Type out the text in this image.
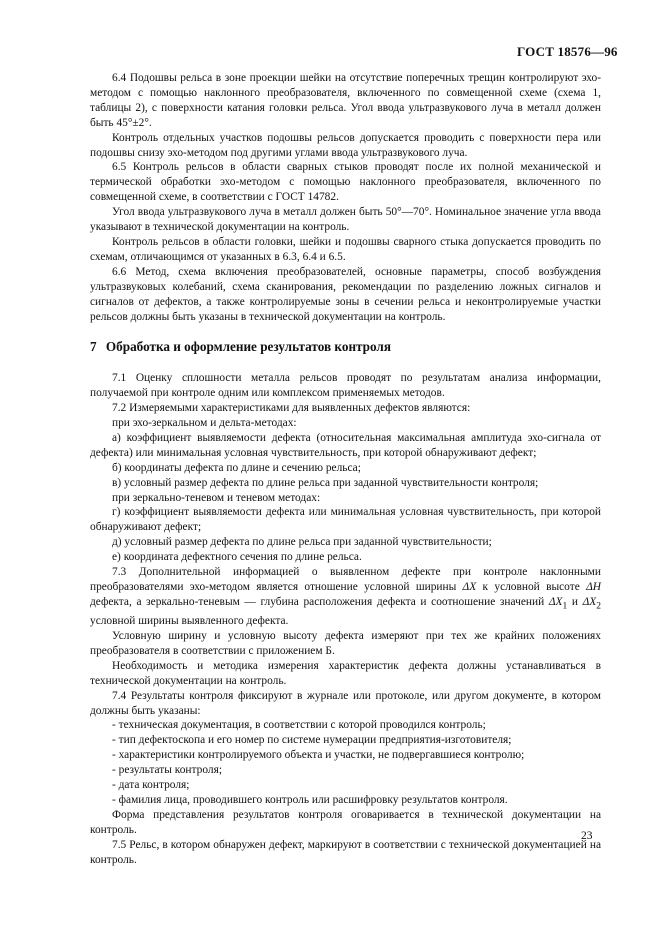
ГОСТ 18576—96

6.4 Подошвы рельса в зоне проекции шейки на отсутствие поперечных трещин контролируют эхо-методом с помощью наклонного преобразователя, включенного по совмещенной схеме (схема 1, таблицы 2), с поверхности катания головки рельса. Угол ввода ультразвукового луча в металл должен быть 45°±2°.

Контроль отдельных участков подошвы рельсов допускается проводить с поверхности пера или подошвы снизу эхо-методом под другими углами ввода ультразвукового луча.

6.5 Контроль рельсов в области сварных стыков проводят после их полной механической и термической обработки эхо-методом с помощью наклонного преобразователя, включенного по совмещенной схеме, в соответствии с ГОСТ 14782.

Угол ввода ультразвукового луча в металл должен быть 50°—70°. Номинальное значение угла ввода указывают в технической документации на контроль.

Контроль рельсов в области головки, шейки и подошвы сварного стыка допускается проводить по схемам, отличающимся от указанных в 6.3, 6.4 и 6.5.

6.6 Метод, схема включения преобразователей, основные параметры, способ возбуждения ультразвуковых колебаний, схема сканирования, рекомендации по разделению ложных сигналов и сигналов от дефектов, а также контролируемые зоны в сечении рельса и неконтролируемые участки рельсов должны быть указаны в технической документации на контроль.

7 Обработка и оформление результатов контроля

7.1 Оценку сплошности металла рельсов проводят по результатам анализа информации, получаемой при контроле одним или комплексом применяемых методов.

7.2 Измеряемыми характеристиками для выявленных дефектов являются:

при эхо-зеркальном и дельта-методах:

а) коэффициент выявляемости дефекта (относительная максимальная амплитуда эхо-сигнала от дефекта) или минимальная условная чувствительность, при которой обнаруживают дефект;

б) координаты дефекта по длине и сечению рельса;

в) условный размер дефекта по длине рельса при заданной чувствительности контроля;

при зеркально-теневом и теневом методах:

г) коэффициент выявляемости дефекта или минимальная условная чувствительность, при которой обнаруживают дефект;

д) условный размер дефекта по длине рельса при заданной чувствительности;

е) координата дефектного сечения по длине рельса.

7.3 Дополнительной информацией о выявленном дефекте при контроле наклонными преобразователями эхо-методом является отношение условной ширины ΔX к условной высоте ΔH дефекта, а зеркально-теневым — глубина расположения дефекта и соотношение значений $\Delta X_1$ и $\Delta X_2$ условной ширины выявленного дефекта.

Условную ширину и условную высоту дефекта измеряют при тех же крайних положениях преобразователя в соответствии с приложением Б.

Необходимость и методика измерения характеристик дефекта должны устанавливаться в технической документации на контроль.

7.4 Результаты контроля фиксируют в журнале или протоколе, или другом документе, в котором должны быть указаны:

- техническая документация, в соответствии с которой проводился контроль;

- тип дефектоскопа и его номер по системе нумерации предприятия-изготовителя;

- характеристики контролируемого объекта и участки, не подвергавшиеся контролю;

- результаты контроля;

- дата контроля;

- фамилия лица, проводившего контроль или расшифровку результатов контроля.

Форма представления результатов контроля оговаривается в технической документации на контроль.

7.5 Рельс, в котором обнаружен дефект, маркируют в соответствии с технической документацией на контроль.

23
